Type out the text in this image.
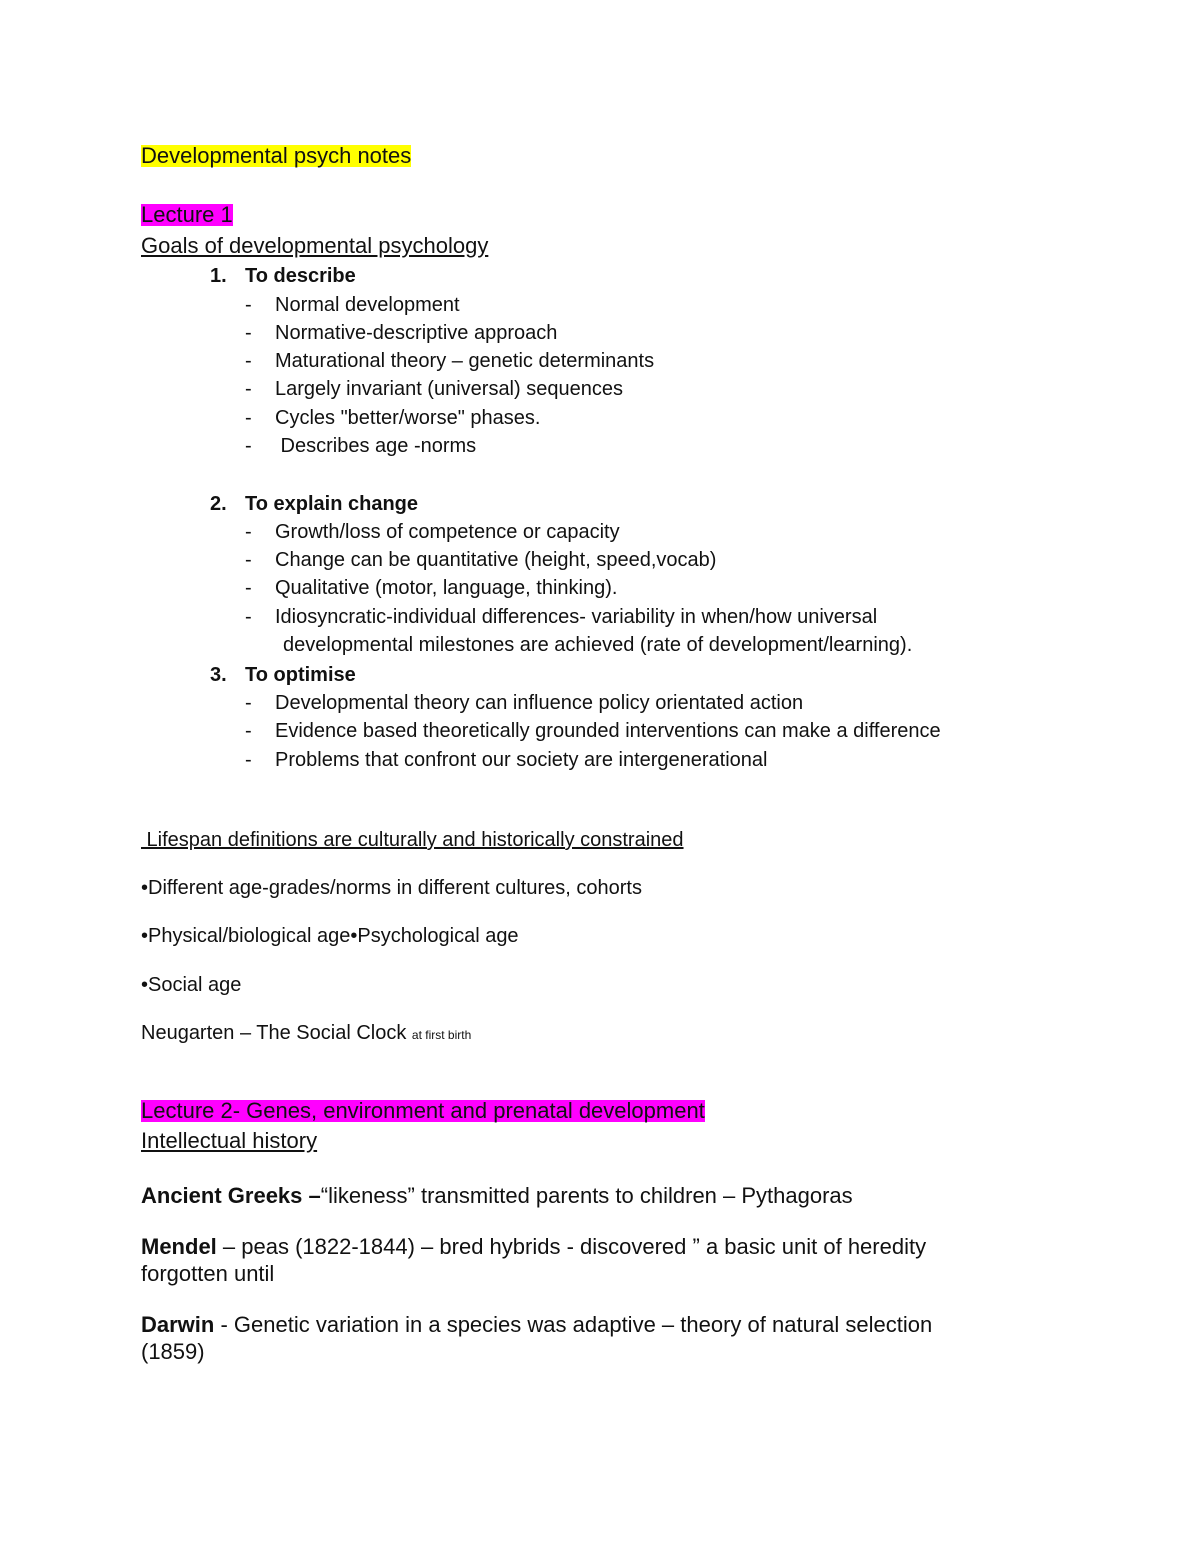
Developmental psych notes
Lecture 1
Goals of developmental psychology
1. To describe
- Normal development
- Normative-descriptive approach
- Maturational theory – genetic determinants
- Largely invariant (universal) sequences
- Cycles "better/worse" phases.
- Describes age -norms
2. To explain change
- Growth/loss of competence or capacity
- Change can be quantitative (height, speed,vocab)
- Qualitative (motor, language, thinking).
- Idiosyncratic-individual differences- variability in when/how universal
developmental milestones are achieved (rate of development/learning).
3. To optimise
- Developmental theory can influence policy orientated action
- Evidence based theoretically grounded interventions can make a difference
- Problems that confront our society are intergenerational
Lifespan definitions are culturally and historically constrained
•Different age-grades/norms in different cultures, cohorts
•Physical/biological age•Psychological age
•Social age
Neugarten – The Social Clock at first birth
Lecture 2- Genes, environment and prenatal development
Intellectual history
Ancient Greeks –“likeness” transmitted parents to children – Pythagoras
Mendel – peas (1822-1844) – bred hybrids - discovered ” a basic unit of heredity
forgotten until
Darwin - Genetic variation in a species was adaptive – theory of natural selection
(1859)
